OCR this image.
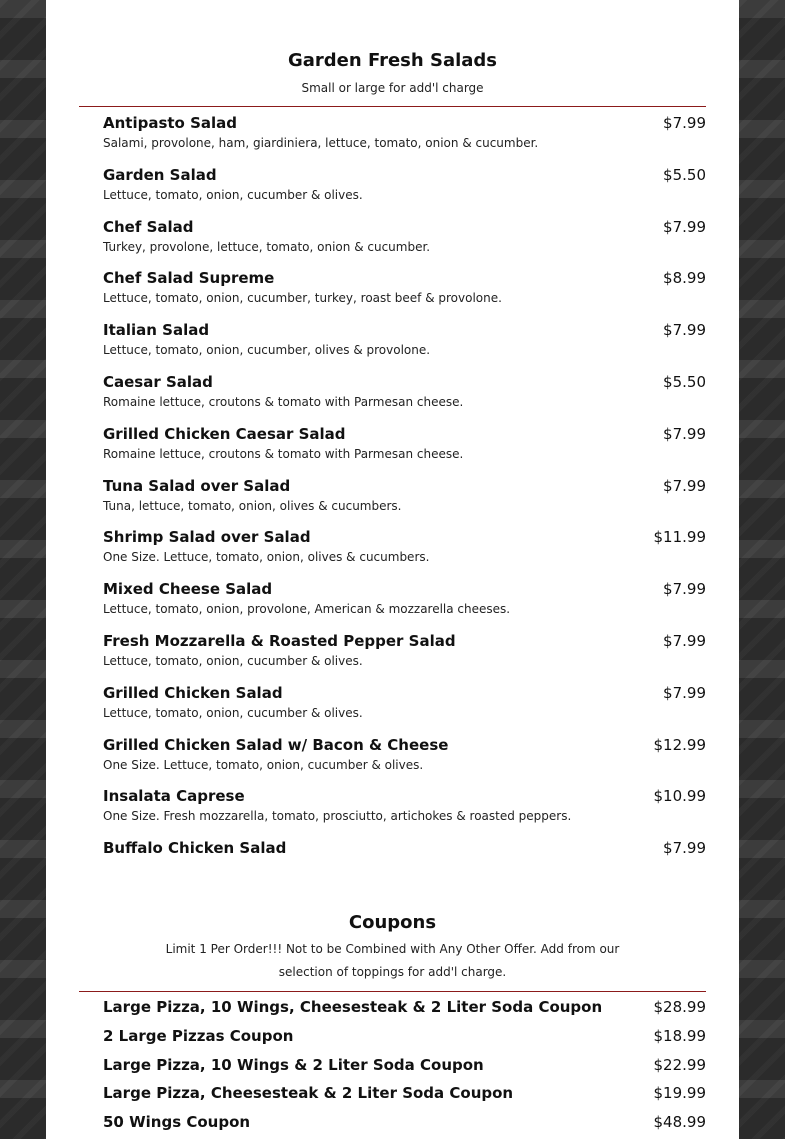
Garden Fresh Salads
Small or large for add'l charge
Antipasto Salad	$7.99
Salami, provolone, ham, giardiniera, lettuce, tomato, onion & cucumber.
Garden Salad	$5.50
Lettuce, tomato, onion, cucumber & olives.
Chef Salad	$7.99
Turkey, provolone, lettuce, tomato, onion & cucumber.
Chef Salad Supreme	$8.99
Lettuce, tomato, onion, cucumber, turkey, roast beef & provolone.
Italian Salad	$7.99
Lettuce, tomato, onion, cucumber, olives & provolone.
Caesar Salad	$5.50
Romaine lettuce, croutons & tomato with Parmesan cheese.
Grilled Chicken Caesar Salad	$7.99
Romaine lettuce, croutons & tomato with Parmesan cheese.
Tuna Salad over Salad	$7.99
Tuna, lettuce, tomato, onion, olives & cucumbers.
Shrimp Salad over Salad	$11.99
One Size. Lettuce, tomato, onion, olives & cucumbers.
Mixed Cheese Salad	$7.99
Lettuce, tomato, onion, provolone, American & mozzarella cheeses.
Fresh Mozzarella & Roasted Pepper Salad	$7.99
Lettuce, tomato, onion, cucumber & olives.
Grilled Chicken Salad	$7.99
Lettuce, tomato, onion, cucumber & olives.
Grilled Chicken Salad w/ Bacon & Cheese	$12.99
One Size. Lettuce, tomato, onion, cucumber & olives.
Insalata Caprese	$10.99
One Size. Fresh mozzarella, tomato, prosciutto, artichokes & roasted peppers.
Buffalo Chicken Salad	$7.99
Coupons
Limit 1 Per Order!!! Not to be Combined with Any Other Offer. Add from our
selection of toppings for add'l charge.
Large Pizza, 10 Wings, Cheesesteak & 2 Liter Soda Coupon	$28.99
2 Large Pizzas Coupon	$18.99
Large Pizza, 10 Wings & 2 Liter Soda Coupon	$22.99
Large Pizza, Cheesesteak & 2 Liter Soda Coupon	$19.99
50 Wings Coupon	$48.99
